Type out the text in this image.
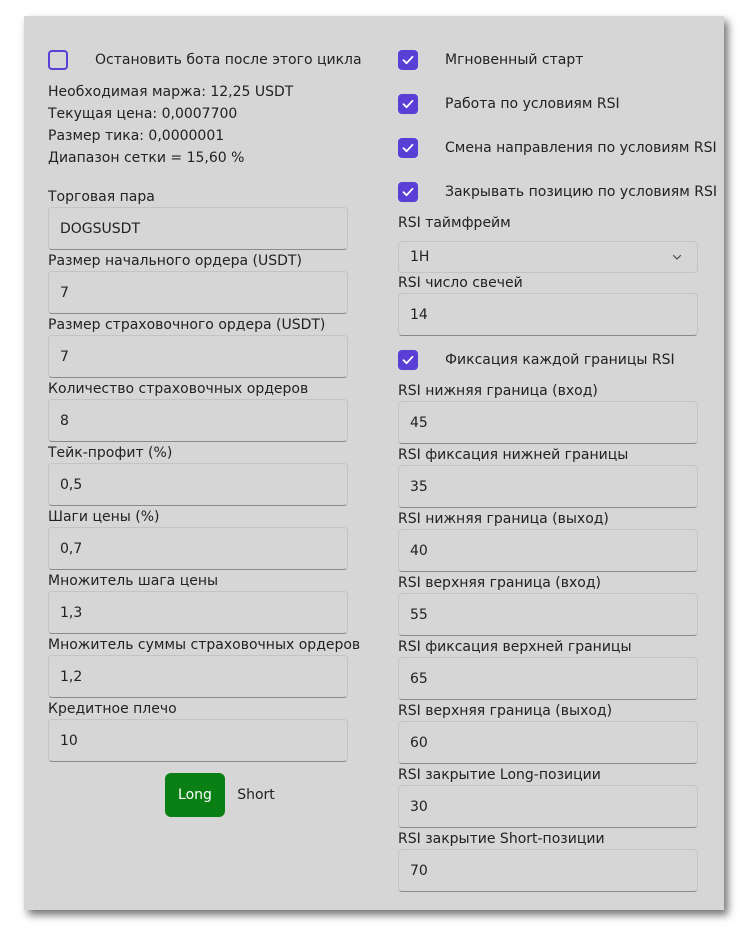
Остановить бота после этого цикла
Необходимая маржа: 12,25 USDT
Текущая цена: 0,0007700
Размер тика: 0,0000001
Диапазон сетки = 15,60 %
Торговая пара
DOGSUSDT
Размер начального ордера (USDT)
7
Размер страховочного ордера (USDT)
7
Количество страховочных ордеров
8
Тейк-профит (%)
0,5
Шаги цены (%)
0,7
Множитель шага цены
1,3
Множитель суммы страховочных ордеров
1,2
Кредитное плечо
10
Long	Short
Мгновенный старт
Работа по условиям RSI
Смена направления по условиям RSI
Закрывать позицию по условиям RSI
RSI таймфрейм
1H
RSI число свечей
14
Фиксация каждой границы RSI
RSI нижняя граница (вход)
45
RSI фиксация нижней границы
35
RSI нижняя граница (выход)
40
RSI верхняя граница (вход)
55
RSI фиксация верхней границы
65
RSI верхняя граница (выход)
60
RSI закрытие Long-позиции
30
RSI закрытие Short-позиции
70
